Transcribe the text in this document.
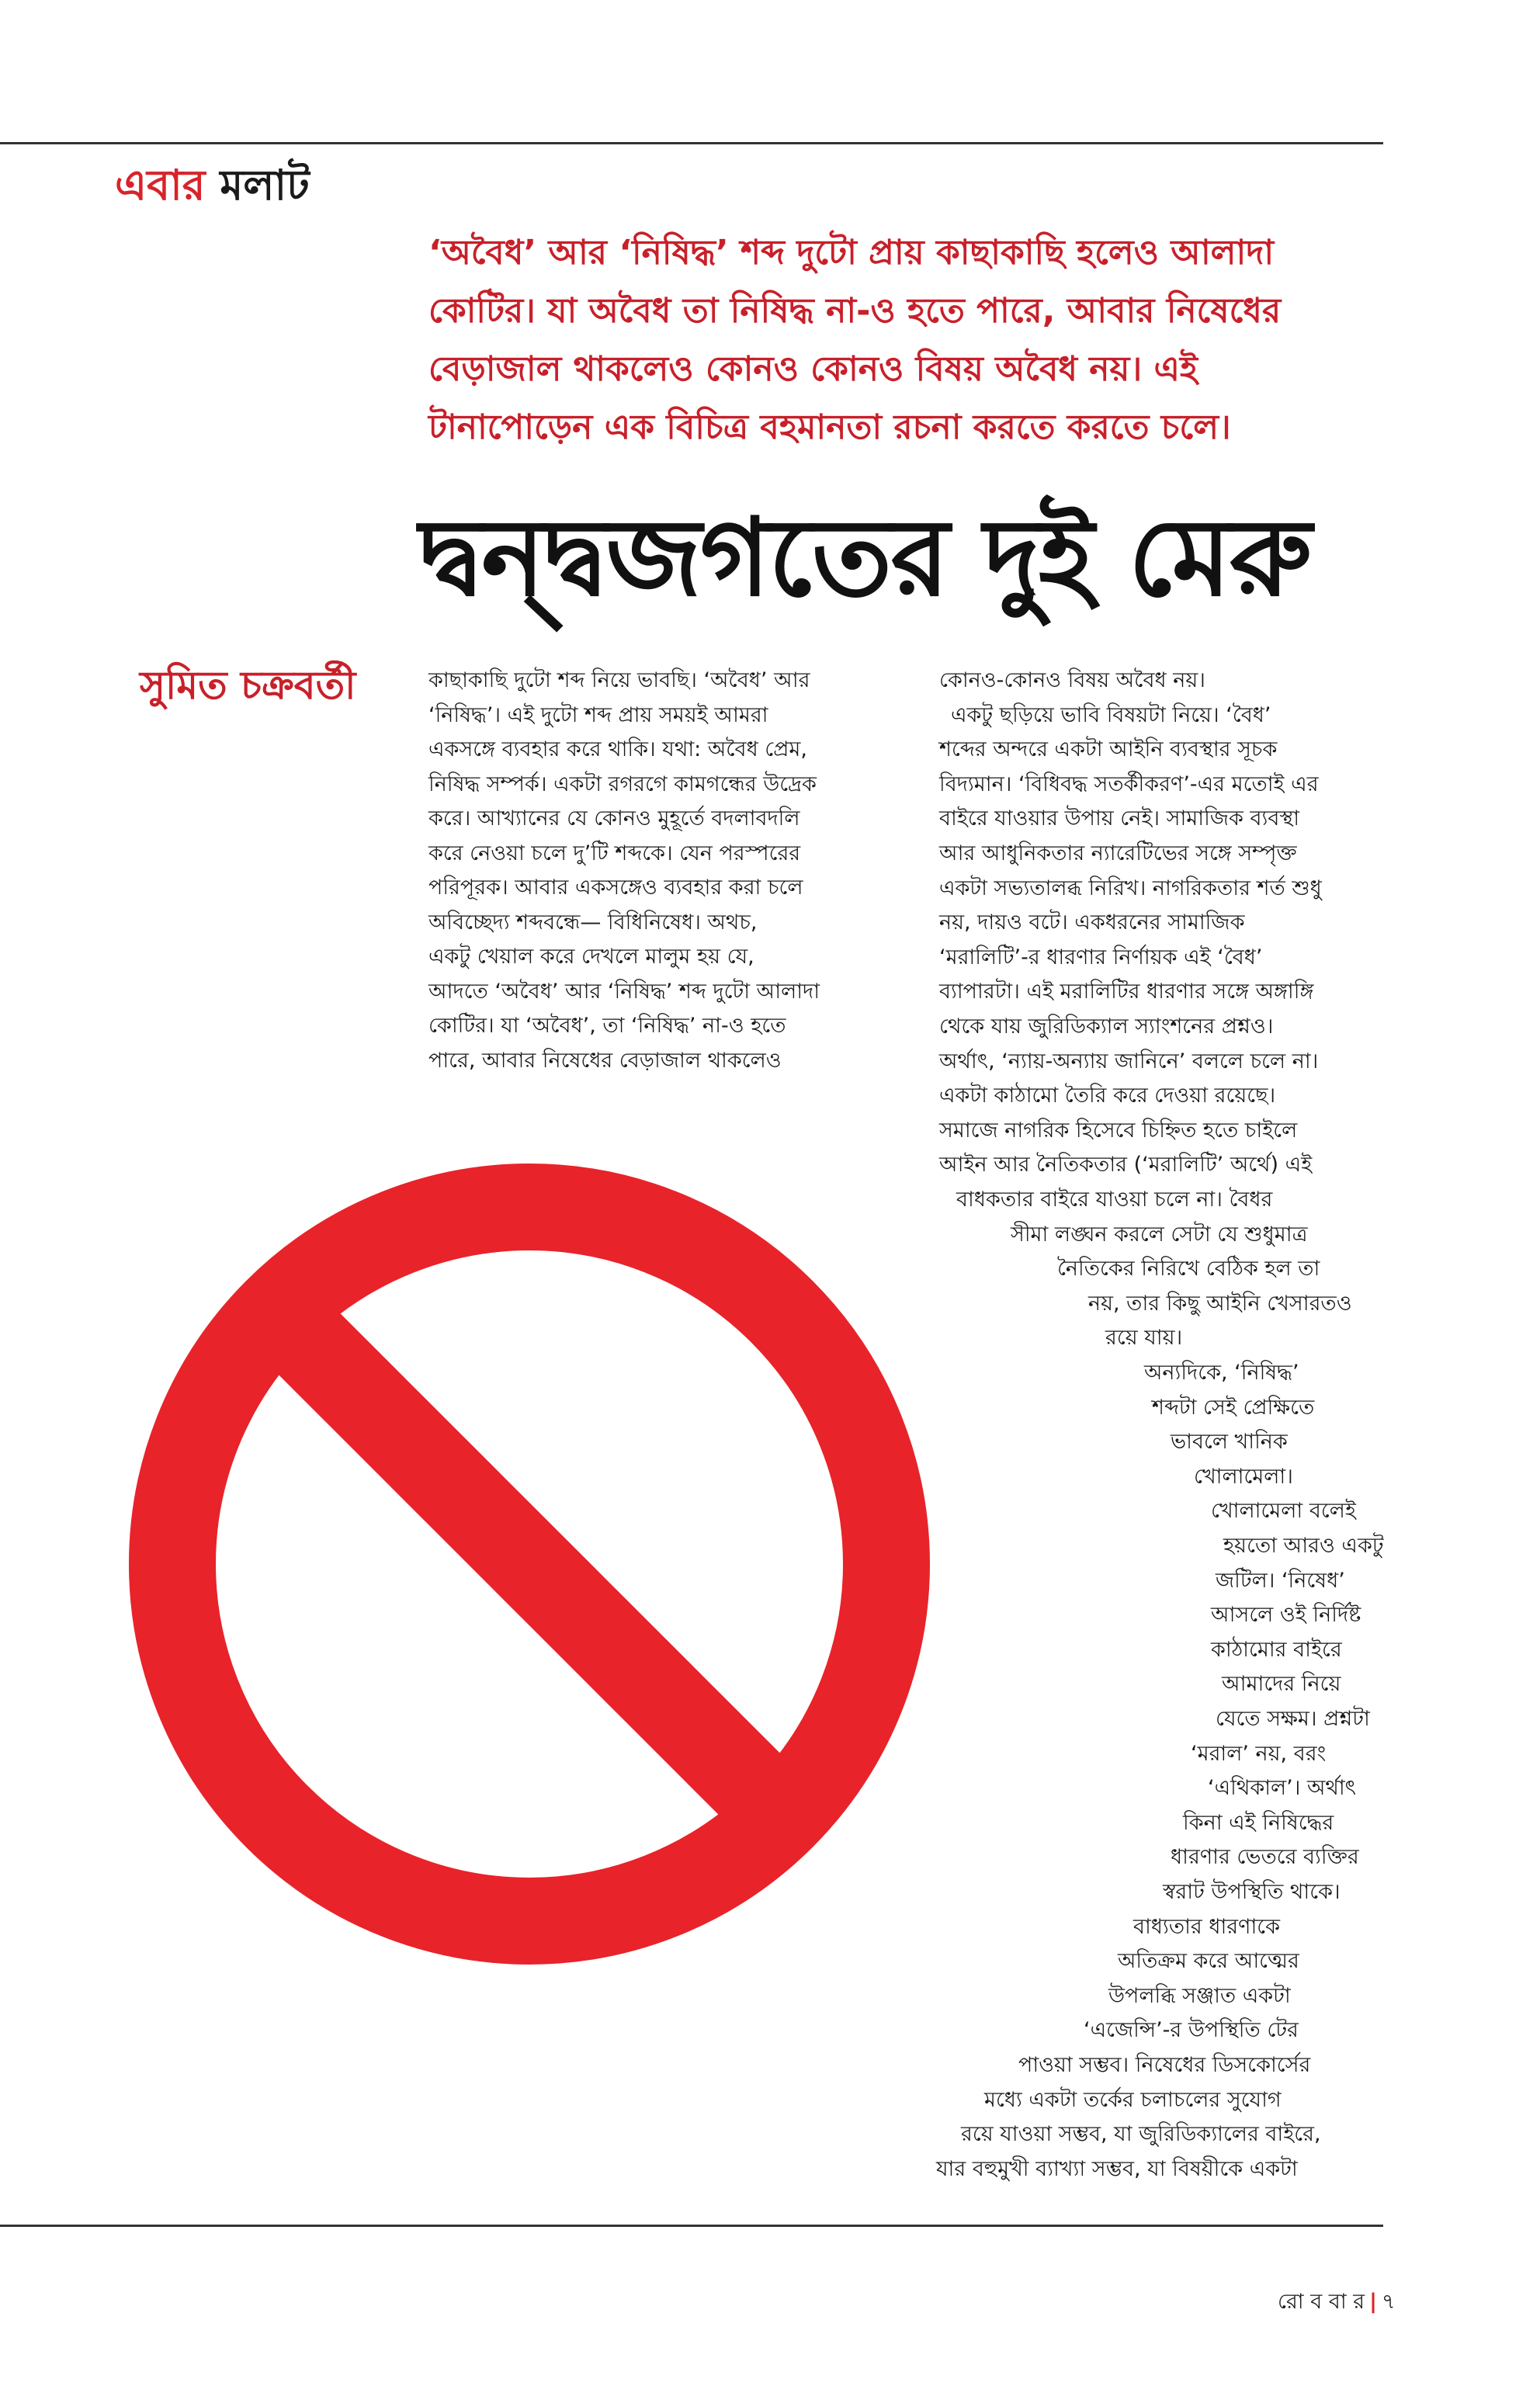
এবার মলাট
‘অবৈধ’ আর ‘নিষিদ্ধ’ শব্দ দুটো প্রায় কাছাকাছি হলেও আলাদা
কোটির। যা অবৈধ তা নিষিদ্ধ না-ও হতে পারে, আবার নিষেধের
বেড়াজাল থাকলেও কোনও কোনও বিষয় অবৈধ নয়। এই
টানাপোড়েন এক বিচিত্র বহমানতা রচনা করতে করতে চলে।
দ্বন্দ্বজগতের দুই মেরু
সুমিত চক্রবর্তী	কাছাকাছি দুটো শব্দ নিয়ে ভাবছি। ‘অবৈধ’ আর
‘নিষিদ্ধ’। এই দুটো শব্দ প্রায় সময়ই আমরা
একসঙ্গে ব্যবহার করে থাকি। যথা: অবৈধ প্রেম,
নিষিদ্ধ সম্পর্ক। একটা রগরগে কামগন্ধের উদ্রেক
করে। আখ্যানের যে কোনও মুহূর্তে বদলাবদলি
করে নেওয়া চলে দু’টি শব্দকে। যেন পরস্পরের
পরিপূরক। আবার একসঙ্গেও ব্যবহার করা চলে
অবিচ্ছেদ্য শব্দবন্ধে— বিধিনিষেধ। অথচ,
একটু খেয়াল করে দেখলে মালুম হয় যে,
আদতে ‘অবৈধ’ আর ‘নিষিদ্ধ’ শব্দ দুটো আলাদা
কোটির। যা ‘অবৈধ’, তা ‘নিষিদ্ধ’ না-ও হতে
পারে, আবার নিষেধের বেড়াজাল থাকলেও
কোনও-কোনও বিষয় অবৈধ নয়।
একটু ছড়িয়ে ভাবি বিষয়টা নিয়ে। ‘বৈধ’
শব্দের অন্দরে একটা আইনি ব্যবস্থার সূচক
বিদ্যমান। ‘বিধিবদ্ধ সতর্কীকরণ’-এর মতোই এর
বাইরে যাওয়ার উপায় নেই। সামাজিক ব্যবস্থা
আর আধুনিকতার ন্যারেটিভের সঙ্গে সম্পৃক্ত
একটা সভ্যতালব্ধ নিরিখ। নাগরিকতার শর্ত শুধু
নয়, দায়ও বটে। একধরনের সামাজিক
‘মরালিটি’-র ধারণার নির্ণায়ক এই ‘বৈধ’
ব্যাপারটা। এই মরালিটির ধারণার সঙ্গে অঙ্গাঙ্গি
থেকে যায় জুরিডিক্যাল স্যাংশনের প্রশ্নও।
অর্থাৎ, ‘ন্যায়-অন্যায় জানিনে’ বললে চলে না।
একটা কাঠামো তৈরি করে দেওয়া রয়েছে।
সমাজে নাগরিক হিসেবে চিহ্নিত হতে চাইলে
আইন আর নৈতিকতার (‘মরালিটি’ অর্থে) এই
বাধকতার বাইরে যাওয়া চলে না। বৈধর
সীমা লঙ্ঘন করলে সেটা যে শুধুমাত্র
নৈতিকের নিরিখে বেঠিক হল তা
নয়, তার কিছু আইনি খেসারতও
রয়ে যায়।
অন্যদিকে, ‘নিষিদ্ধ’
শব্দটা সেই প্রেক্ষিতে
ভাবলে খানিক
খোলামেলা।
খোলামেলা বলেই
হয়তো আরও একটু
জটিল। ‘নিষেধ’
আসলে ওই নির্দিষ্ট
কাঠামোর বাইরে
আমাদের নিয়ে
যেতে সক্ষম। প্রশ্নটা
‘মরাল’ নয়, বরং
‘এথিকাল’। অর্থাৎ
কিনা এই নিষিদ্ধের
ধারণার ভেতরে ব্যক্তির
স্বরাট উপস্থিতি থাকে।
বাধ্যতার ধারণাকে
অতিক্রম করে আত্মের
উপলব্ধি সঞ্জাত একটা
‘এজেন্সি’-র উপস্থিতি টের
পাওয়া সম্ভব। নিষেধের ডিসকোর্সের
মধ্যে একটা তর্কের চলাচলের সুযোগ
রয়ে যাওয়া সম্ভব, যা জুরিডিক্যালের বাইরে,
যার বহুমুখী ব্যাখ্যা সম্ভব, যা বিষয়ীকে একটা
রো ব বা র | ৭
